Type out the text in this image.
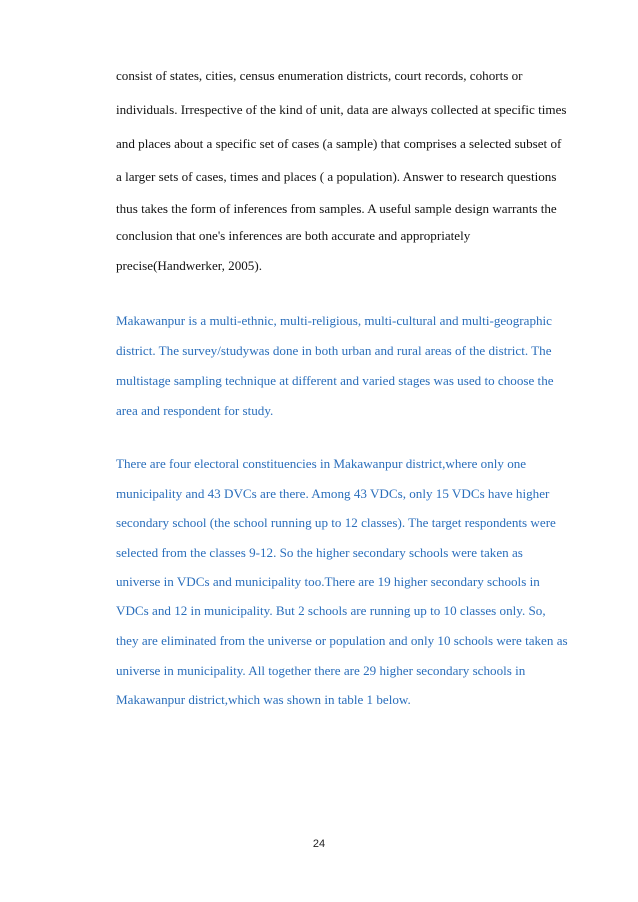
consist of states, cities, census enumeration districts, court records, cohorts or
individuals. Irrespective of the kind of unit, data are always collected at specific times
and places about a specific set of cases (a sample) that comprises a selected subset of
a larger sets of cases, times and places ( a population). Answer to research questions
thus takes the form of inferences from samples. A useful sample design warrants the
conclusion that one's inferences are both accurate and appropriately
precise(Handwerker, 2005).
Makawanpur is a multi-ethnic, multi-religious, multi-cultural and multi-geographic
district. The survey/studywas done in both urban and rural areas of the district. The
multistage sampling technique at different and varied stages was used to choose the
area and respondent for study.
There are four electoral constituencies in Makawanpur district,where only one
municipality and 43 DVCs are there. Among 43 VDCs, only 15 VDCs have higher
secondary school (the school running up to 12 classes). The target respondents were
selected from the classes 9-12. So the higher secondary schools were taken as
universe in VDCs and municipality too.There are 19 higher secondary schools in
VDCs and 12 in municipality. But 2 schools are running up to 10 classes only. So,
they are eliminated from the universe or population and only 10 schools were taken as
universe in municipality. All together there are 29 higher secondary schools in
Makawanpur district,which was shown in table 1 below.
24
